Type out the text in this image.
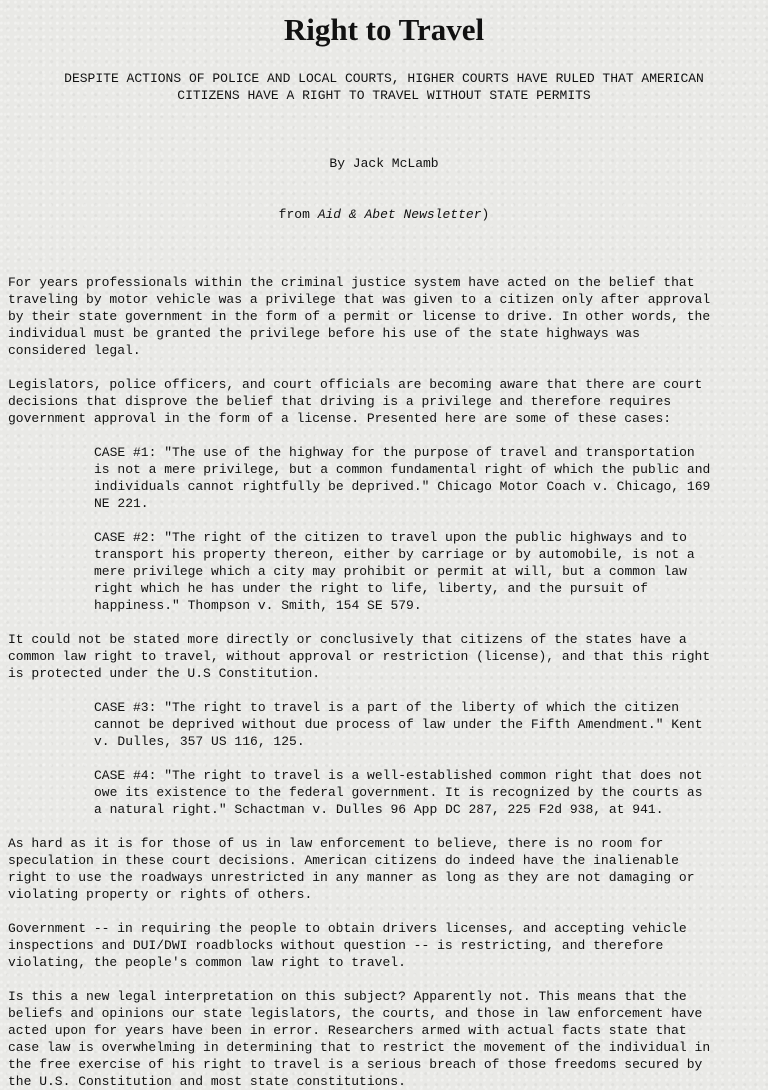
Right to Travel

DESPITE ACTIONS OF POLICE AND LOCAL COURTS, HIGHER COURTS HAVE RULED THAT AMERICAN
CITIZENS HAVE A RIGHT TO TRAVEL WITHOUT STATE PERMITS

By Jack McLamb

from Aid & Abet Newsletter)

For years professionals within the criminal justice system have acted on the belief that
traveling by motor vehicle was a privilege that was given to a citizen only after approval
by their state government in the form of a permit or license to drive. In other words, the
individual must be granted the privilege before his use of the state highways was
considered legal.

Legislators, police officers, and court officials are becoming aware that there are court
decisions that disprove the belief that driving is a privilege and therefore requires
government approval in the form of a license. Presented here are some of these cases:

CASE #1: "The use of the highway for the purpose of travel and transportation
is not a mere privilege, but a common fundamental right of which the public and
individuals cannot rightfully be deprived." Chicago Motor Coach v. Chicago, 169
NE 221.

CASE #2: "The right of the citizen to travel upon the public highways and to
transport his property thereon, either by carriage or by automobile, is not a
mere privilege which a city may prohibit or permit at will, but a common law
right which he has under the right to life, liberty, and the pursuit of
happiness." Thompson v. Smith, 154 SE 579.

It could not be stated more directly or conclusively that citizens of the states have a
common law right to travel, without approval or restriction (license), and that this right
is protected under the U.S Constitution.

CASE #3: "The right to travel is a part of the liberty of which the citizen
cannot be deprived without due process of law under the Fifth Amendment." Kent
v. Dulles, 357 US 116, 125.

CASE #4: "The right to travel is a well-established common right that does not
owe its existence to the federal government. It is recognized by the courts as
a natural right." Schactman v. Dulles 96 App DC 287, 225 F2d 938, at 941.

As hard as it is for those of us in law enforcement to believe, there is no room for
speculation in these court decisions. American citizens do indeed have the inalienable
right to use the roadways unrestricted in any manner as long as they are not damaging or
violating property or rights of others.

Government -- in requiring the people to obtain drivers licenses, and accepting vehicle
inspections and DUI/DWI roadblocks without question -- is restricting, and therefore
violating, the people's common law right to travel.

Is this a new legal interpretation on this subject? Apparently not. This means that the
beliefs and opinions our state legislators, the courts, and those in law enforcement have
acted upon for years have been in error. Researchers armed with actual facts state that
case law is overwhelming in determining that to restrict the movement of the individual in
the free exercise of his right to travel is a serious breach of those freedoms secured by
the U.S. Constitution and most state constitutions.
